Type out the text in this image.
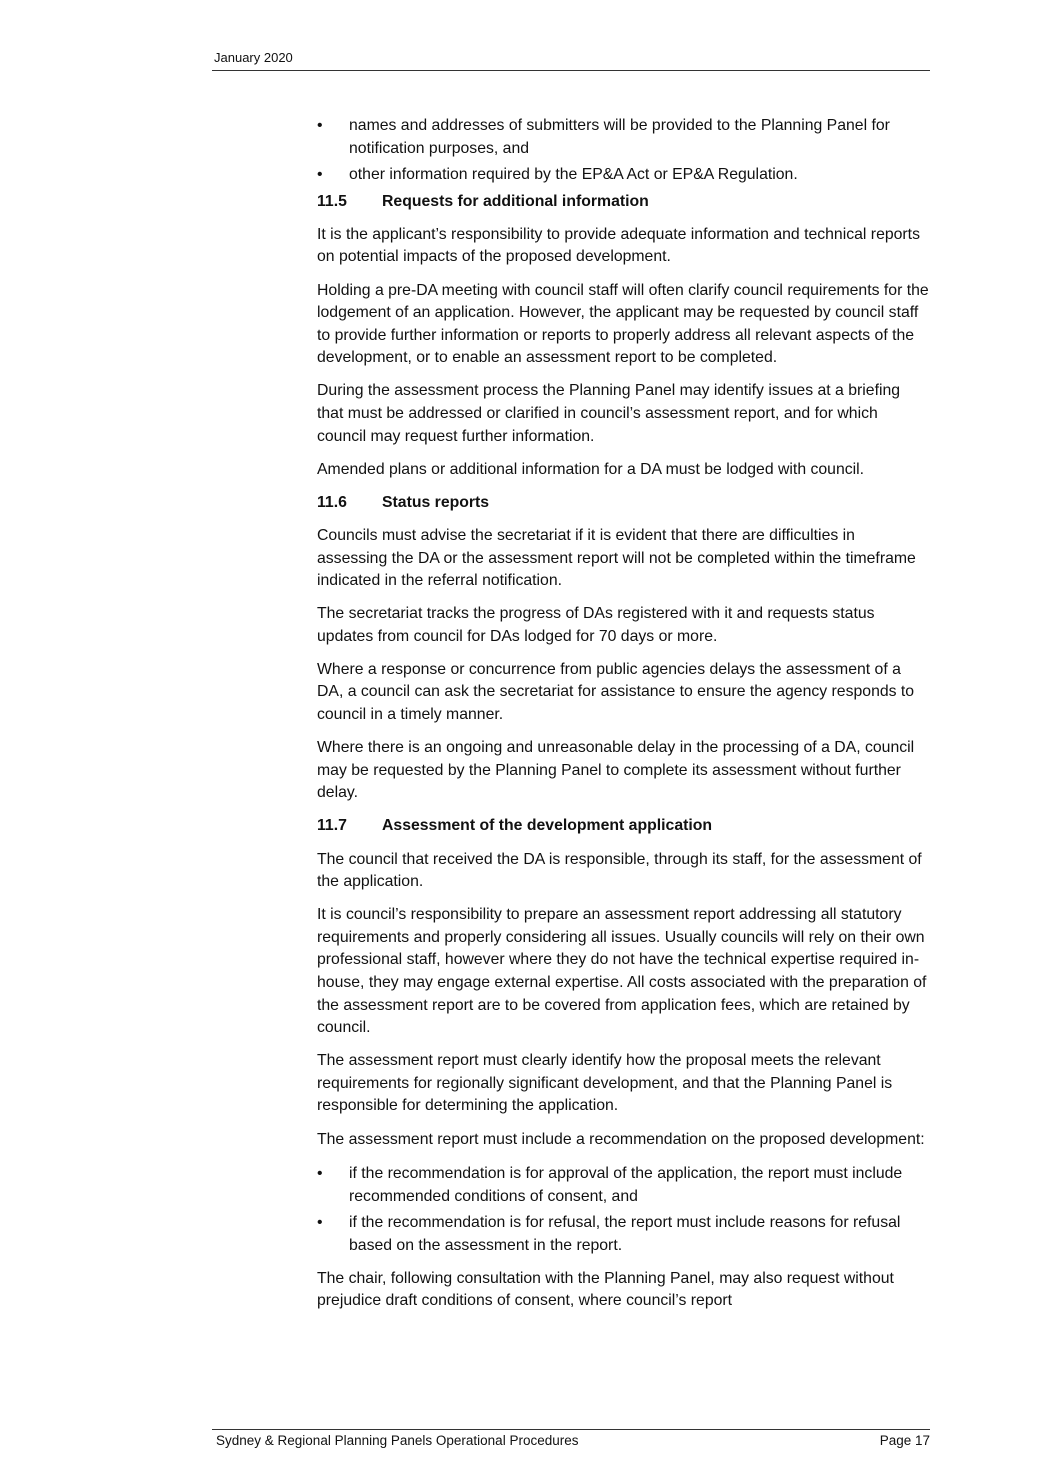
January 2020
•	names and addresses of submitters will be provided to the Planning Panel for notification purposes, and
•	other information required by the EP&A Act or EP&A Regulation.
11.5	Requests for additional information

It is the applicant’s responsibility to provide adequate information and technical reports on potential impacts of the proposed development.

Holding a pre-DA meeting with council staff will often clarify council requirements for the lodgement of an application. However, the applicant may be requested by council staff to provide further information or reports to properly address all relevant aspects of the development, or to enable an assessment report to be completed.

During the assessment process the Planning Panel may identify issues at a briefing that must be addressed or clarified in council’s assessment report, and for which council may request further information.

Amended plans or additional information for a DA must be lodged with council.

11.6	Status reports

Councils must advise the secretariat if it is evident that there are difficulties in assessing the DA or the assessment report will not be completed within the timeframe indicated in the referral notification.

The secretariat tracks the progress of DAs registered with it and requests status updates from council for DAs lodged for 70 days or more.

Where a response or concurrence from public agencies delays the assessment of a DA, a council can ask the secretariat for assistance to ensure the agency responds to council in a timely manner.

Where there is an ongoing and unreasonable delay in the processing of a DA, council may be requested by the Planning Panel to complete its assessment without further delay.

11.7	Assessment of the development application

The council that received the DA is responsible, through its staff, for the assessment of the application.

It is council’s responsibility to prepare an assessment report addressing all statutory requirements and properly considering all issues. Usually councils will rely on their own professional staff, however where they do not have the technical expertise required in-house, they may engage external expertise. All costs associated with the preparation of the assessment report are to be covered from application fees, which are retained by council.

The assessment report must clearly identify how the proposal meets the relevant requirements for regionally significant development, and that the Planning Panel is responsible for determining the application.

The assessment report must include a recommendation on the proposed development:

•	if the recommendation is for approval of the application, the report must include recommended conditions of consent, and
•	if the recommendation is for refusal, the report must include reasons for refusal based on the assessment in the report.

The chair, following consultation with the Planning Panel, may also request without prejudice draft conditions of consent, where council’s report

Sydney & Regional Planning Panels Operational Procedures	Page 17
